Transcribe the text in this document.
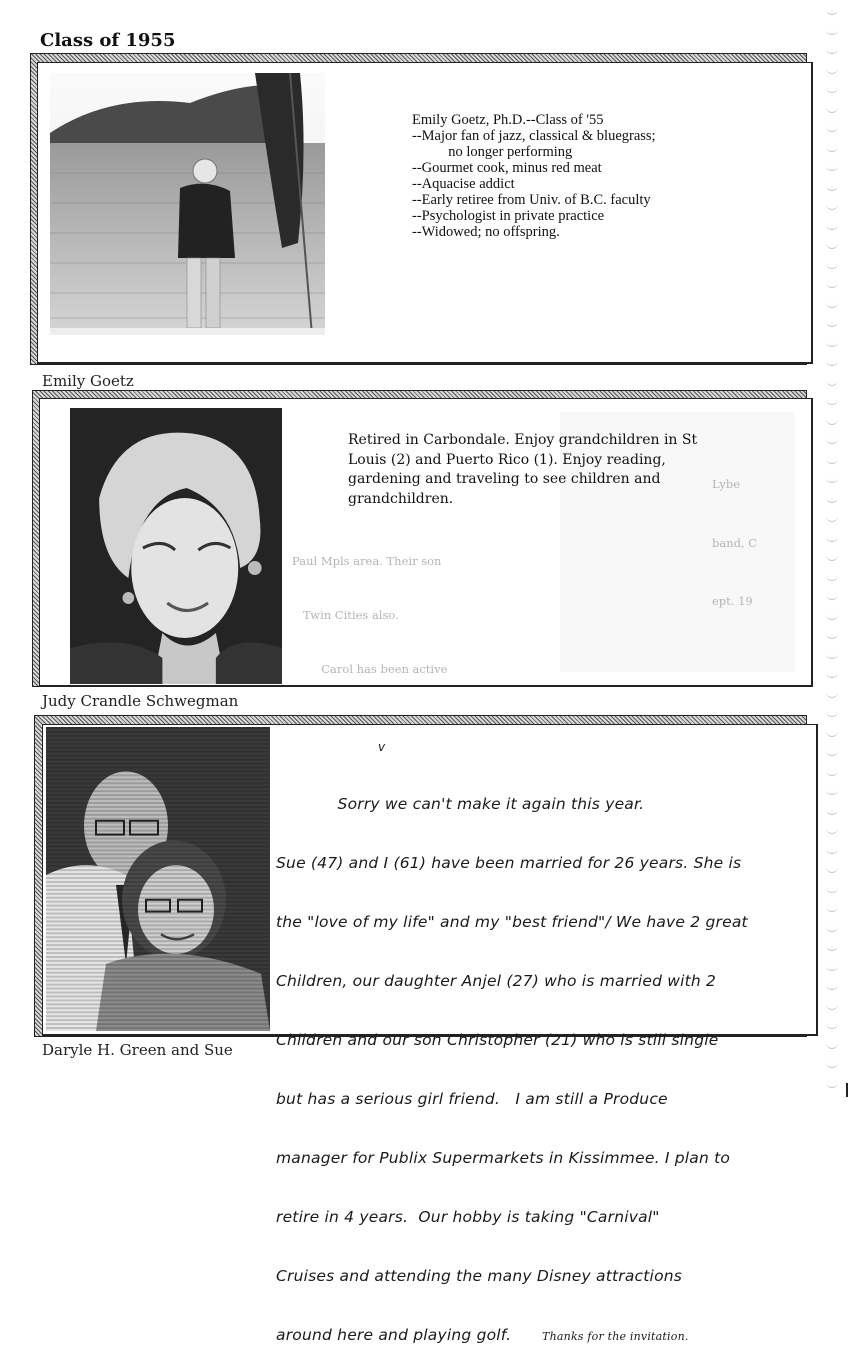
Class of 1955
Emily Goetz, Ph.D.--Class of '55
--Major fan of jazz, classical & bluegrass;
no longer performing
--Gourmet cook, minus red meat
--Aquacise addict
--Early retiree from Univ. of B.C. faculty
--Psychologist in private practice
--Widowed; no offspring.
Emily Goetz
Retired in Carbondale. Enjoy grandchildren in St Louis (2) and Puerto Rico (1). Enjoy reading, gardening and traveling to see children and grandchildren.

Lybe

band, C

ept. 19

Paul Mpls area. Their son

Twin Cities also.

Carol has been active

Judy Crandle Schwegman
v

Sorry we can't make it again this year.

Sue (47) and I (61) have been married for 26 years. She is

the "love of my life" and my "best friend"/ We have 2 great

Children, our daughter Anjel (27) who is married with 2

Children and our son Christopher (21) who is still single

but has a serious girl friend.   I am still a Produce

manager for Publix Supermarkets in Kissimmee. I plan to

retire in 4 years.  Our hobby is taking "Carnival"

Cruises and attending the many Disney attractions

around here and playing golf.	Thanks for the invitation.

Daryle H. Green and Sue
